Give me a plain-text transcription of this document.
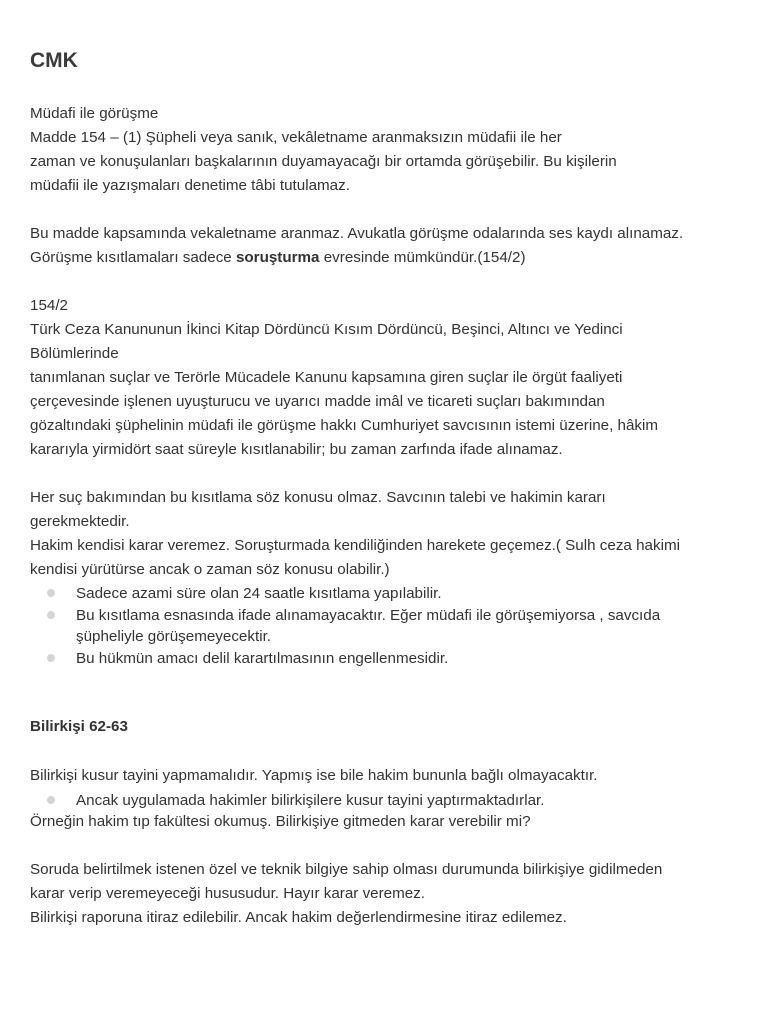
CMK
Müdafi ile görüşme
Madde 154 – (1) Şüpheli veya sanık, vekâletname aranmaksızın müdafii ile her
zaman ve konuşulanları başkalarının duyamayacağı bir ortamda görüşebilir. Bu kişilerin
müdafii ile yazışmaları denetime tâbi tutulamaz.
Bu madde kapsamında vekaletname aranmaz. Avukatla görüşme odalarında ses kaydı alınamaz.
Görüşme kısıtlamaları sadece soruşturma evresinde mümkündür.(154/2)
154/2
Türk Ceza Kanununun İkinci Kitap Dördüncü Kısım Dördüncü, Beşinci, Altıncı ve Yedinci
Bölümlerinde
tanımlanan suçlar ve Terörle Mücadele Kanunu kapsamına giren suçlar ile örgüt faaliyeti
çerçevesinde işlenen uyuşturucu ve uyarıcı madde imâl ve ticareti suçları bakımından
gözaltındaki şüphelinin müdafi ile görüşme hakkı Cumhuriyet savcısının istemi üzerine, hâkim
kararıyla yirmidört saat süreyle kısıtlanabilir; bu zaman zarfında ifade alınamaz.
Her suç bakımından bu kısıtlama söz konusu olmaz. Savcının talebi ve hakimin kararı
gerekmektedir.
Hakim kendisi karar veremez. Soruşturmada kendiliğinden harekete geçemez.( Sulh ceza hakimi
kendisi yürütürse ancak o zaman söz konusu olabilir.)
Sadece azami süre olan 24 saatle kısıtlama yapılabilir.
Bu kısıtlama esnasında ifade alınamayacaktır. Eğer müdafi ile görüşemiyorsa , savcıda
şüpheliyle görüşemeyecektir.
Bu hükmün amacı delil karartılmasının engellenmesidir.
Bilirkişi 62-63
Bilirkişi kusur tayini yapmamalıdır. Yapmış ise bile hakim bununla bağlı olmayacaktır.
Ancak uygulamada hakimler bilirkişilere kusur tayini yaptırmaktadırlar.
Örneğin hakim tıp fakültesi okumuş. Bilirkişiye gitmeden karar verebilir mi?
Soruda belirtilmek istenen özel ve teknik bilgiye sahip olması durumunda bilirkişiye gidilmeden
karar verip veremeyeceği hususudur. Hayır karar veremez.
Bilirkişi raporuna itiraz edilebilir. Ancak hakim değerlendirmesine itiraz edilemez.
